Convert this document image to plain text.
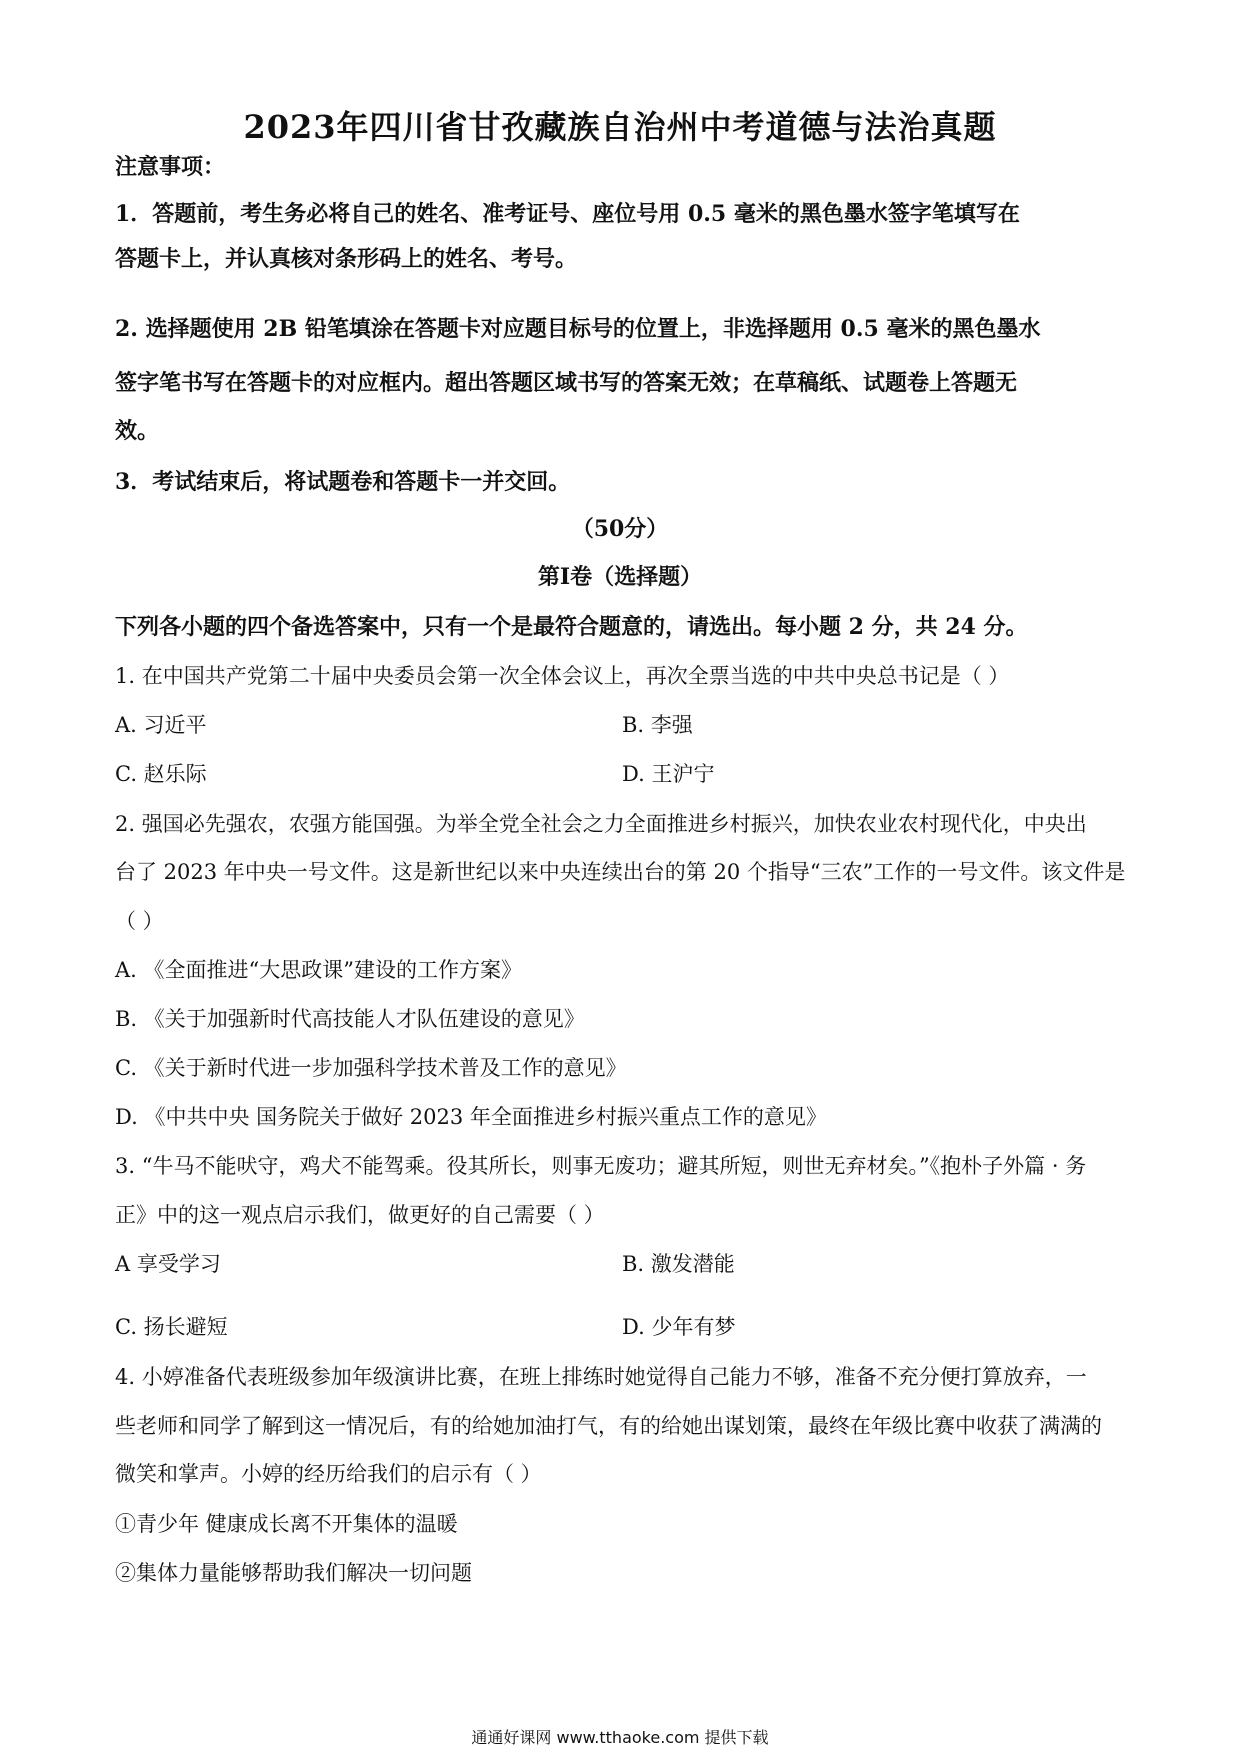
2023年四川省甘孜藏族自治州中考道德与法治真题
注意事项：
1．答题前，考生务必将自己的姓名、准考证号、座位号用 0.5 毫米的黑色墨水签字笔填写在
答题卡上，并认真核对条形码上的姓名、考号。
2. 选择题使用 2B 铅笔填涂在答题卡对应题目标号的位置上，非选择题用 0.5 毫米的黑色墨水
签字笔书写在答题卡的对应框内。超出答题区域书写的答案无效；在草稿纸、试题卷上答题无
效。
3．考试结束后，将试题卷和答题卡一并交回。
（50分）
第Ⅰ卷（选择题）
下列各小题的四个备选答案中，只有一个是最符合题意的，请选出。每小题 2 分，共 24 分。
1. 在中国共产党第二十届中央委员会第一次全体会议上，再次全票当选的中共中央总书记是（ ）
A. 习近平	B. 李强
C. 赵乐际	D. 王沪宁
2. 强国必先强农，农强方能国强。为举全党全社会之力全面推进乡村振兴，加快农业农村现代化，中央出
台了 2023 年中央一号文件。这是新世纪以来中央连续出台的第 20 个指导“三农”工作的一号文件。该文件是
（ ）
A. 《全面推进“大思政课”建设的工作方案》
B. 《关于加强新时代高技能人才队伍建设的意见》
C. 《关于新时代进一步加强科学技术普及工作的意见》
D. 《中共中央 国务院关于做好 2023 年全面推进乡村振兴重点工作的意见》
3. “牛马不能吠守，鸡犬不能驾乘。役其所长，则事无废功；避其所短，则世无弃材矣。”《抱朴子外篇 · 务
正》中的这一观点启示我们，做更好的自己需要（ ）
A 享受学习	B. 激发潜能
C. 扬长避短	D. 少年有梦
4. 小婷准备代表班级参加年级演讲比赛，在班上排练时她觉得自己能力不够，准备不充分便打算放弃，一
些老师和同学了解到这一情况后，有的给她加油打气，有的给她出谋划策，最终在年级比赛中收获了满满的
微笑和掌声。小婷的经历给我们的启示有（ ）
①青少年 健康成长离不开集体的温暖
②集体力量能够帮助我们解决一切问题
通通好课网 www.tthaoke.com 提供下载
